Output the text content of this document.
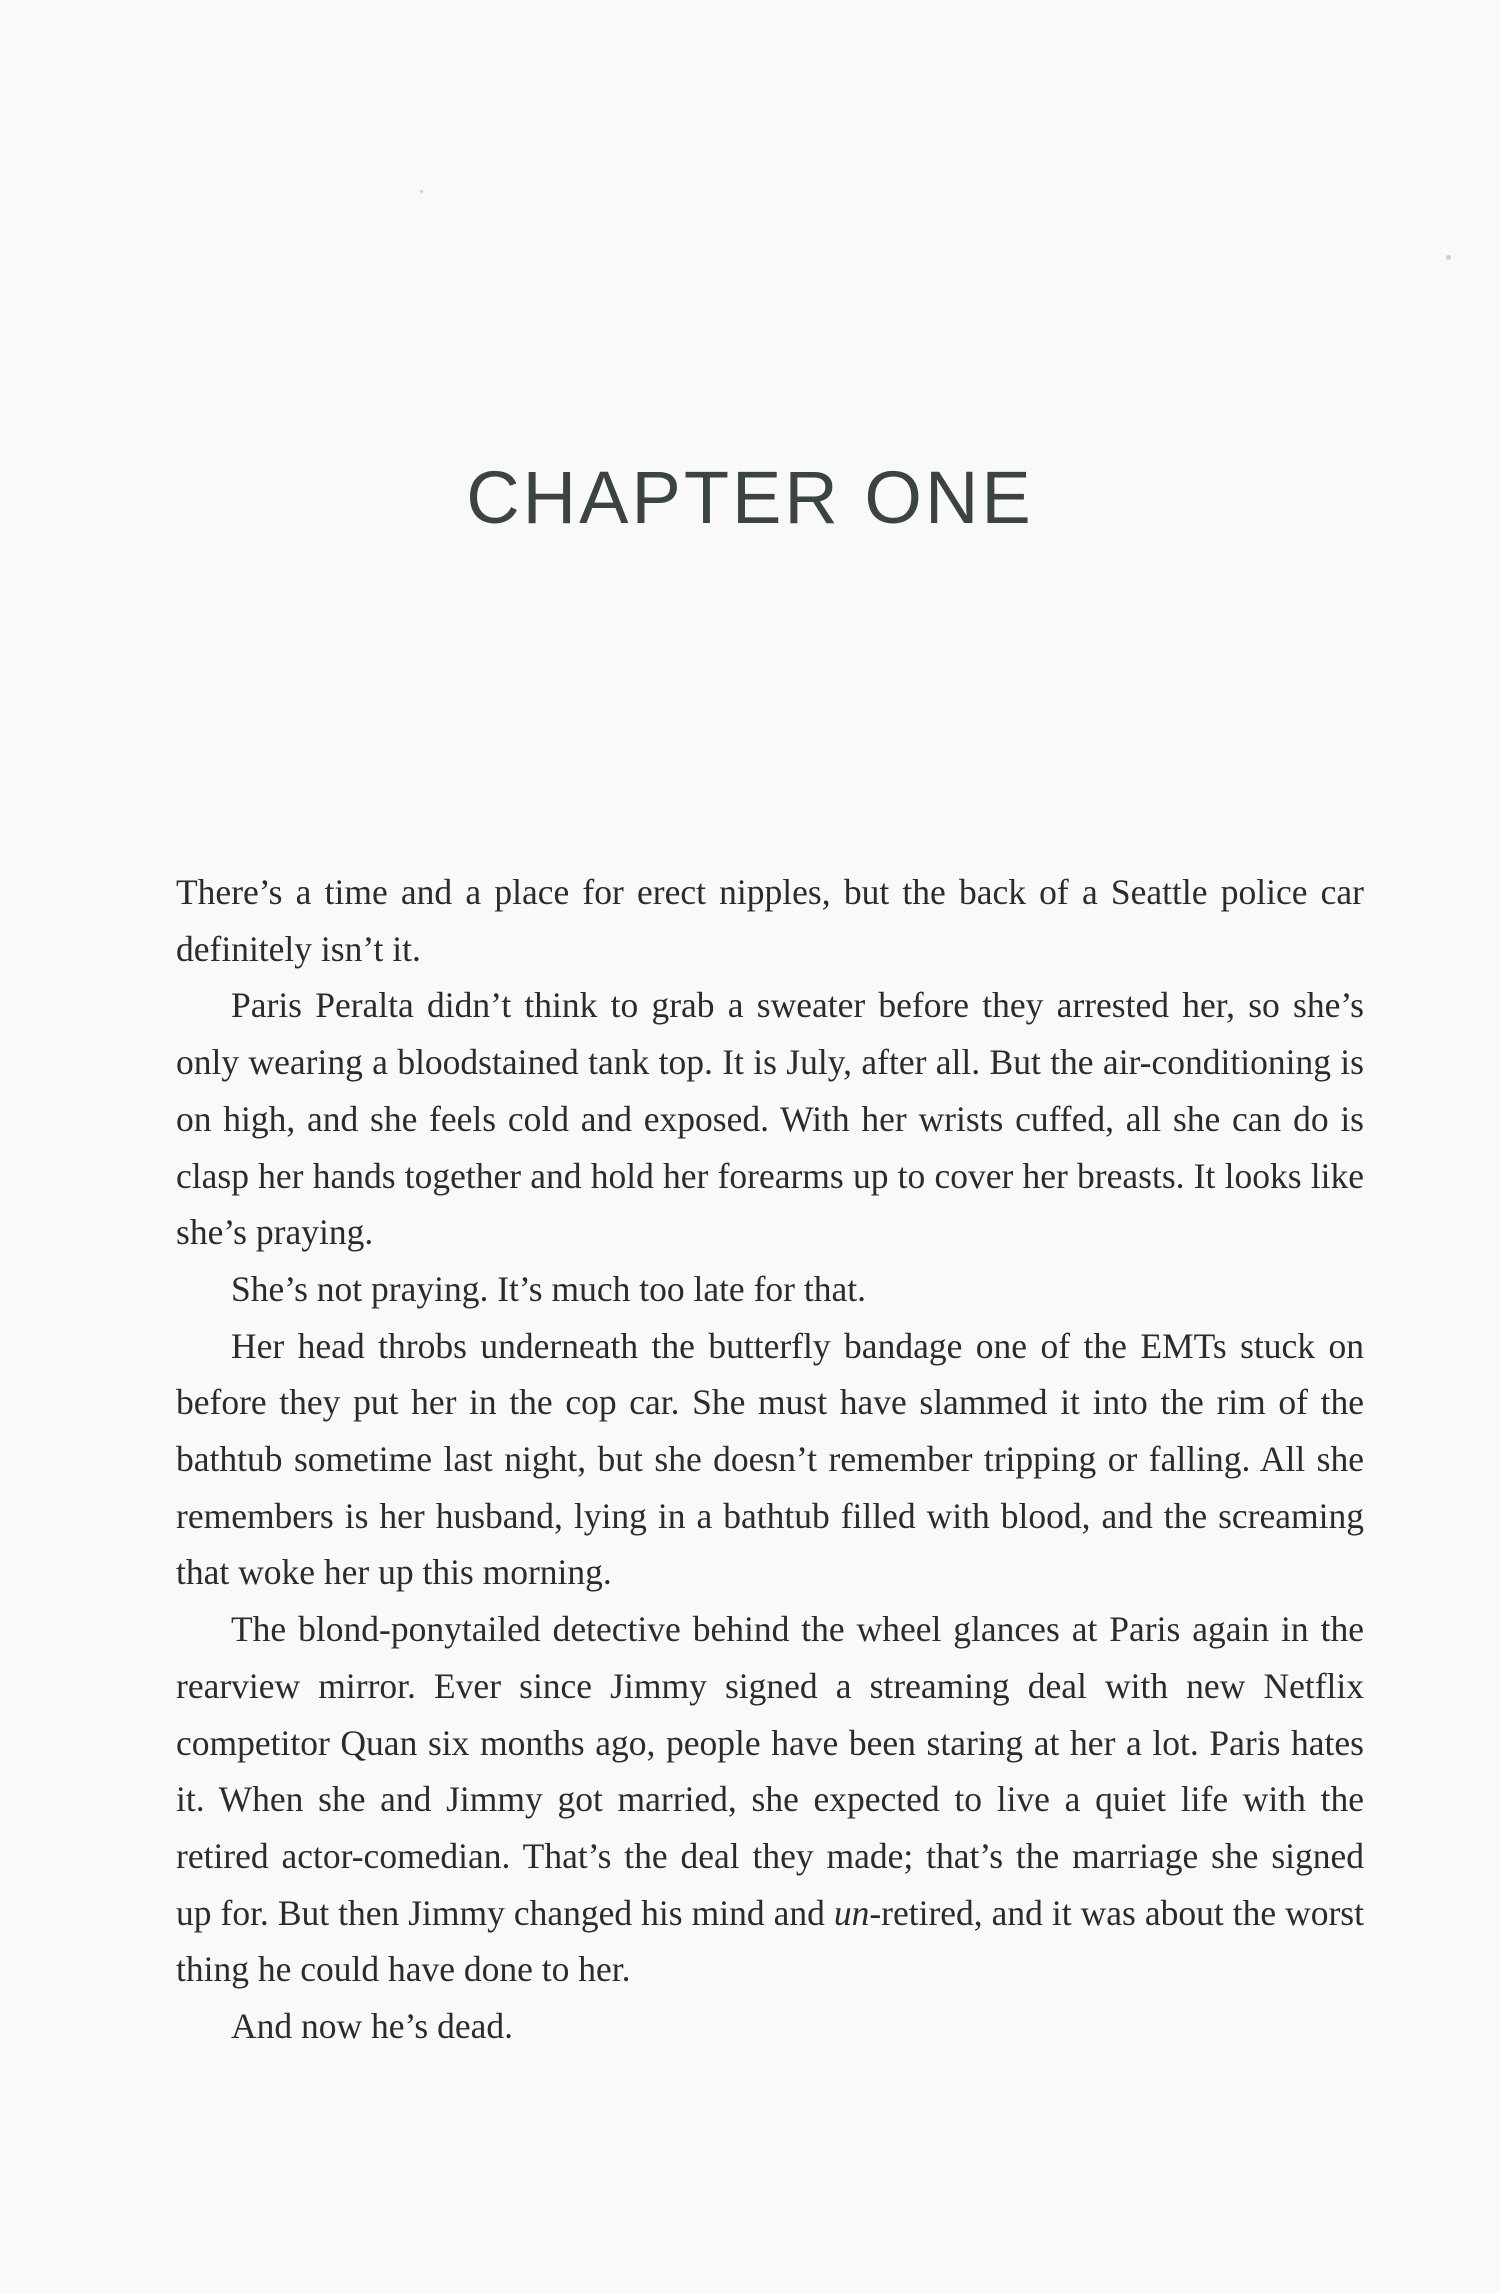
CHAPTER ONE

There’s a time and a place for erect nipples, but the back of a Seattle police car definitely isn’t it.

Paris Peralta didn’t think to grab a sweater before they arrested her, so she’s only wearing a bloodstained tank top. It is July, after all. But the air-conditioning is on high, and she feels cold and exposed. With her wrists cuffed, all she can do is clasp her hands together and hold her forearms up to cover her breasts. It looks like she’s praying.

She’s not praying. It’s much too late for that.

Her head throbs underneath the butterfly bandage one of the EMTs stuck on before they put her in the cop car. She must have slammed it into the rim of the bathtub sometime last night, but she doesn’t remember tripping or falling. All she remembers is her husband, lying in a bathtub filled with blood, and the screaming that woke her up this morning.

The blond-ponytailed detective behind the wheel glances at Paris again in the rearview mirror. Ever since Jimmy signed a streaming deal with new Netflix competitor Quan six months ago, people have been staring at her a lot. Paris hates it. When she and Jimmy got married, she expected to live a quiet life with the retired actor-comedian. That’s the deal they made; that’s the marriage she signed up for. But then Jimmy changed his mind and un-retired, and it was about the worst thing he could have done to her.

And now he’s dead.
